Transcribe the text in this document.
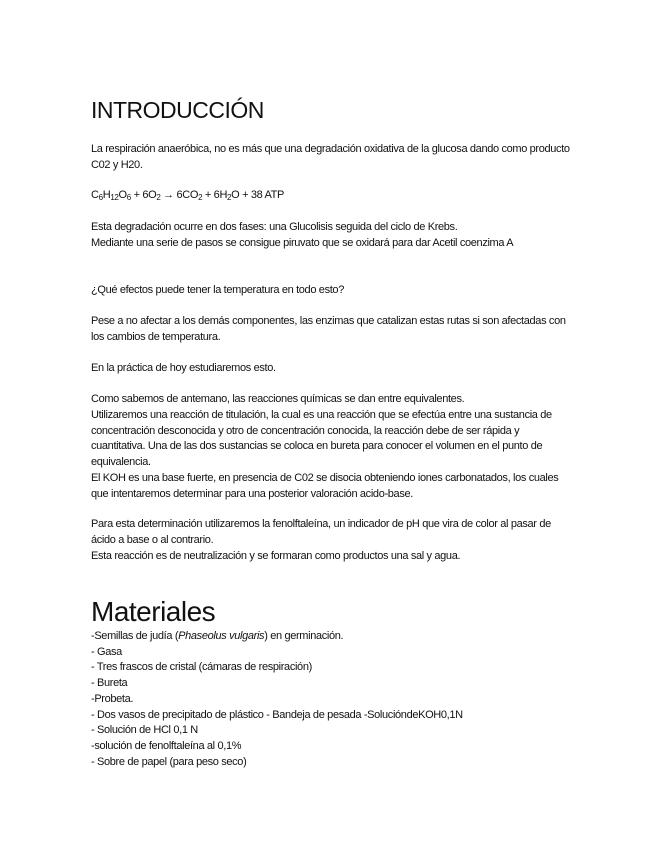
INTRODUCCIÓN

La respiración anaeróbica, no es más que una degradación oxidativa de la glucosa dando como producto C02 y H20.

$C_6H_{12}O_6 + 6O_2 \to 6CO_2 + 6H_2O + 38$ ATP

Esta degradación ocurre en dos fases: una Glucolisis seguida del ciclo de Krebs.

Mediante una serie de pasos se consigue piruvato que se oxidará para dar Acetil coenzima A

¿Qué efectos puede tener la temperatura en todo esto?

Pese a no afectar a los demás componentes, las enzimas que catalizan estas rutas si son afectadas con los cambios de temperatura.

En la práctica de hoy estudiaremos esto.

Como sabemos de antemano, las reacciones químicas se dan entre equivalentes.

Utilizaremos una reacción de titulación, la cual es una reacción que se efectúa entre una sustancia de concentración desconocida y otro de concentración conocida, la reacción debe de ser rápida y cuantitativa. Una de las dos sustancias se coloca en bureta para conocer el volumen en el punto de equivalencia.

El KOH es una base fuerte, en presencia de C02 se disocia obteniendo iones carbonatados, los cuales que intentaremos determinar para una posterior valoración acido-base.

Para esta determinación utilizaremos la fenolftaleína, un indicador de pH que vira de color al pasar de ácido a base o al contrario.

Esta reacción es de neutralización y se formaran como productos una sal y agua.

Materiales
-Semillas de judía (Phaseolus vulgaris) en germinación.
- Gasa
- Tres frascos de cristal (cámaras de respiración)
- Bureta
-Probeta.
- Dos vasos de precipitado de plástico - Bandeja de pesada -SolucióndeKOH0,1N
- Solución de HCl 0,1 N
-solución de fenolftaleína al 0,1%
- Sobre de papel (para peso seco)
